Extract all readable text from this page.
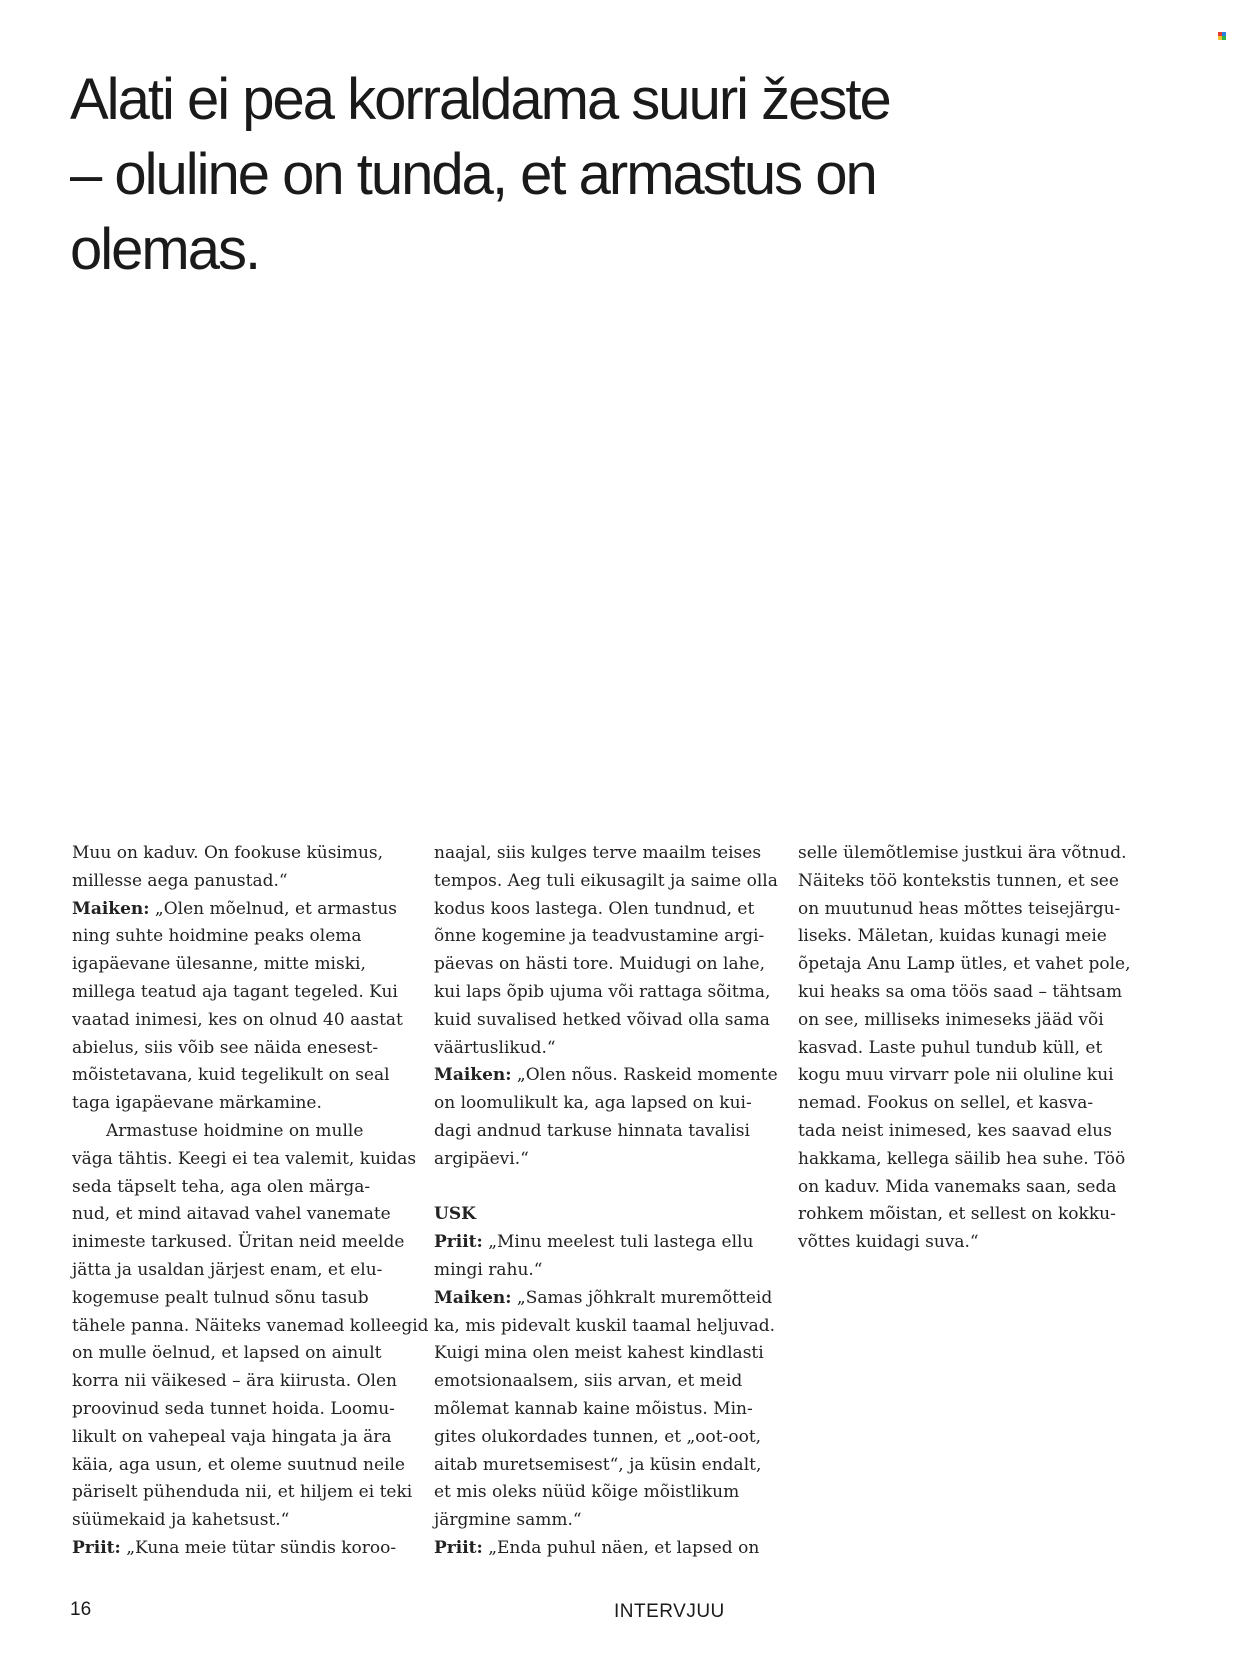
Alati ei pea korraldama suuri žeste
– oluline on tunda, et armastus on
olemas.
Muu on kaduv. On fookuse küsimus,
millesse aega panustad.“
Maiken: „Olen mõelnud, et armastus
ning suhte hoidmine peaks olema
igapäevane ülesanne, mitte miski,
millega teatud aja tagant tegeled. Kui
vaatad inimesi, kes on olnud 40 aastat
abielus, siis võib see näida enesest-
mõistetavana, kuid tegelikult on seal
taga igapäevane märkamine.
Armastuse hoidmine on mulle
väga tähtis. Keegi ei tea valemit, kuidas
seda täpselt teha, aga olen märga-
nud, et mind aitavad vahel vanemate
inimeste tarkused. Üritan neid meelde
jätta ja usaldan järjest enam, et elu-
kogemuse pealt tulnud sõnu tasub
tähele panna. Näiteks vanemad kolleegid
on mulle öelnud, et lapsed on ainult
korra nii väikesed – ära kiirusta. Olen
proovinud seda tunnet hoida. Loomu-
likult on vahepeal vaja hingata ja ära
käia, aga usun, et oleme suutnud neile
päriselt pühenduda nii, et hiljem ei teki
süümekaid ja kahetsust.“
Priit: „Kuna meie tütar sündis koroo-
naajal, siis kulges terve maailm teises
tempos. Aeg tuli eikusagilt ja saime olla
kodus koos lastega. Olen tundnud, et
õnne kogemine ja teadvustamine argi-
päevas on hästi tore. Muidugi on lahe,
kui laps õpib ujuma või rattaga sõitma,
kuid suvalised hetked võivad olla sama
väärtuslikud.“
Maiken: „Olen nõus. Raskeid momente
on loomulikult ka, aga lapsed on kui-
dagi andnud tarkuse hinnata tavalisi
argipäevi.“
USK
Priit: „Minu meelest tuli lastega ellu
mingi rahu.“
Maiken: „Samas jõhkralt muremõtteid
ka, mis pidevalt kuskil taamal heljuvad.
Kuigi mina olen meist kahest kindlasti
emotsionaalsem, siis arvan, et meid
mõlemat kannab kaine mõistus. Min-
gites olukordades tunnen, et „oot-oot,
aitab muretsemisest“, ja küsin endalt,
et mis oleks nüüd kõige mõistlikum
järgmine samm.“
Priit: „Enda puhul näen, et lapsed on
selle ülemõtlemise justkui ära võtnud.
Näiteks töö kontekstis tunnen, et see
on muutunud heas mõttes teisejärgu-
liseks. Mäletan, kuidas kunagi meie
õpetaja Anu Lamp ütles, et vahet pole,
kui heaks sa oma töös saad – tähtsam
on see, milliseks inimeseks jääd või
kasvad. Laste puhul tundub küll, et
kogu muu virvarr pole nii oluline kui
nemad. Fookus on sellel, et kasva-
tada neist inimesed, kes saavad elus
hakkama, kellega säilib hea suhe. Töö
on kaduv. Mida vanemaks saan, seda
rohkem mõistan, et sellest on kokku-
võttes kuidagi suva.“
16	INTERVJUU
